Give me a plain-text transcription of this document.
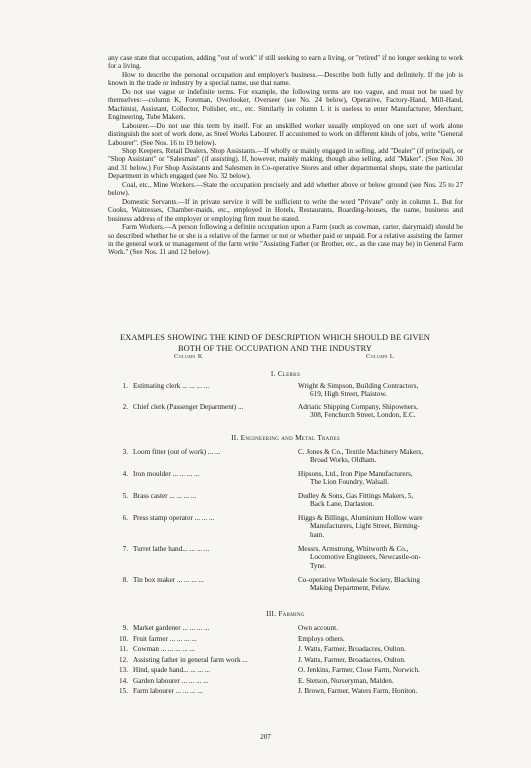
any case state that occupation, adding "out of work" if still seeking to earn a living, or "retired" if no longer seeking to work for a living.

How to describe the personal occupation and employer's business.—Describe both fully and definitely. If the job is known in the trade or industry by a special name, use that name.

Do not use vague or indefinite terms. For example, the following terms are too vague, and must not be used by themselves:—column K, Foreman, Overlooker, Overseer (see No. 24 below), Operative, Factory-Hand, Mill-Hand, Machinist, Assistant, Collector, Polisher, etc., etc. Similarly in column L it is useless to enter Manufacturer, Merchant, Engineering, Tube Makers.

Labourer.—Do not use this term by itself. For an unskilled worker usually employed on one sort of work alone distinguish the sort of work done, as Steel Works Labourer. If accustomed to work on different kinds of jobs, write "General Labourer". (See Nos. 16 to 19 below).

Shop Keepers, Retail Dealers, Shop Assistants.—If wholly or mainly engaged in selling, add "Dealer" (if principal), or "Shop Assistant" or "Salesman" (if assisting). If, however, mainly making, though also selling, add "Maker". (See Nos. 30 and 31 below.) For Shop Assistants and Salesmen in Co-operative Stores and other departmental shops, state the particular Department in which engaged (see No. 32 below).

Coal, etc., Mine Workers.—State the occupation precisely and add whether above or below ground (see Nos. 25 to 27 below).

Domestic Servants.—If in private service it will be sufficient to write the word "Private" only in column L. But for Cooks, Waitresses, Chamber-maids, etc., employed in Hotels, Restaurants, Boarding-houses, the name, business and business address of the employer or employing firm must be stated.

Farm Workers.—A person following a definite occupation upon a Farm (such as cowman, carter, dairymaid) should be so described whether he or she is a relative of the farmer or not or whether paid or unpaid. For a relative assisting the farmer in the general work or management of the farm write "Assisting Father (or Brother, etc., as the case may be) in General Farm Work." (See Nos. 11 and 12 below).

EXAMPLES SHOWING THE KIND OF DESCRIPTION WHICH SHOULD BE GIVEN
BOTH OF THE OCCUPATION AND THE INDUSTRY
Column K	Column L
I. Clerks
1. Estimating clerk ... ... ... ...	Wright & Simpson, Building Contractors,
619, High Street, Plaistow.
2. Chief clerk (Passenger Department) ...	Adriatic Shipping Company, Shipowners,
308, Fenchurch Street, London, E.C.
II. Engineering and Metal Trades
3. Loom fitter (out of work) ... ...	C. Jones & Co., Textile Machinery Makers,
Broad Works, Oldham.
4. Iron moulder ... ... ... ...	Hipsons, Ltd., Iron Pipe Manufacturers,
The Lion Foundry, Walsall.
5. Brass caster ... ... ... ...	Dudley & Sons, Gas Fittings Makers, 5,
Back Lane, Darlaston.
6. Press stamp operator ... ... ...	Higgs & Billings, Aluminium Hollow ware
Manufacturers, Light Street, Birming-
ham.
7. Turret lathe hand... ... ... ...	Messrs. Armstrong, Whitworth & Co.,
Locomotive Engineers, Newcastle-on-
Tyne.
8. Tin box maker ... ... ... ...	Co-operative Wholesale Society, Blacking
Making Department, Pelaw.
III. Farming
9. Market gardener ... ... ... ...	Own account.
10. Fruit farmer ... ... ... ...	Employs others.
11. Cowman ... ... ... ... ...	J. Watts, Farmer, Broadacres, Oulton.
12. Assisting father in general farm work ...	J. Watts, Farmer, Broadacres, Oulton.
13. Hind, spade hand... ... ... ...	O. Jenkins, Farmer, Close Farm, Norwich.
14. Garden labourer ... ... ... ...	E. Stetson, Nurseryman, Malden.
15. Farm labourer ... ... ... ...	J. Brown, Farmer, Waters Farm, Honiton.
207
